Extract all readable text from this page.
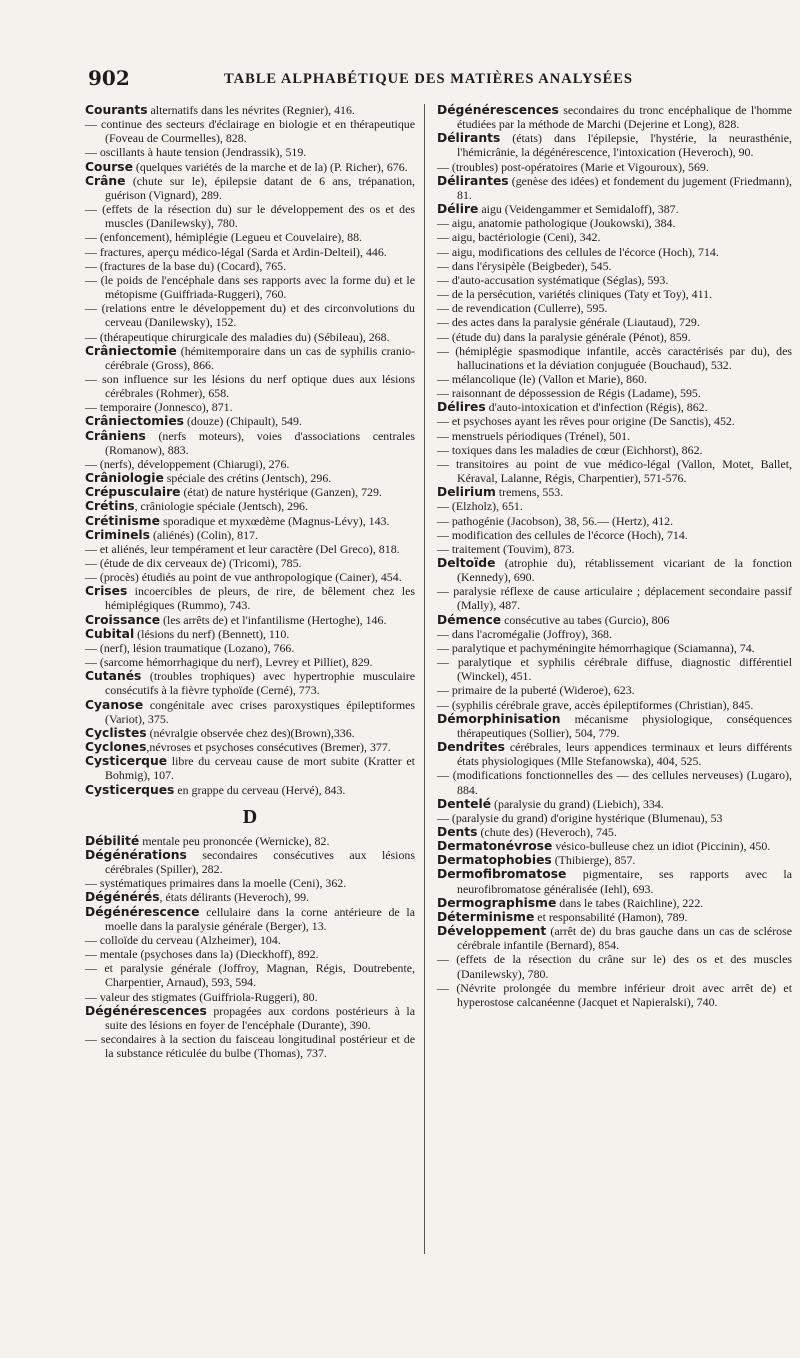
902	TABLE ALPHABÉTIQUE DES MATIÈRES ANALYSÉES

Courants alternatifs dans les névrites (Regnier), 416.

— continue des secteurs d'éclairage en biologie et en thérapeutique (Foveau de Courmelles), 828.

— oscillants à haute tension (Jendrassik), 519.

Course (quelques variétés de la marche et de la) (P. Richer), 676.

Crâne (chute sur le), épilepsie datant de 6 ans, trépanation, guérison (Vignard), 289.

— (effets de la résection du) sur le développement des os et des muscles (Danilewsky), 780.

— (enfoncement), hémiplégie (Legueu et Couvelaire), 88.

— fractures, aperçu médico-légal (Sarda et Ardin-Delteil), 446.

— (fractures de la base du) (Cocard), 765.

— (le poids de l'encéphale dans ses rapports avec la forme du) et le métopisme (Guiffriada-Ruggeri), 760.

— (relations entre le développement du) et des circonvolutions du cerveau (Danilewsky), 152.

— (thérapeutique chirurgicale des maladies du) (Sébileau), 268.

Crâniectomie (hémitemporaire dans un cas de syphilis cranio-cérébrale (Gross), 866.

— son influence sur les lésions du nerf optique dues aux lésions cérébrales (Rohmer), 658.

— temporaire (Jonnesco), 871.

Crâniectomies (douze) (Chipault), 549.

Crâniens (nerfs moteurs), voies d'associations centrales (Romanow), 883.

— (nerfs), développement (Chiarugi), 276.

Crâniologie spéciale des crétins (Jentsch), 296.

Crépusculaire (état) de nature hystérique (Ganzen), 729.

Crétins, crâniologie spéciale (Jentsch), 296.

Crétinisme sporadique et myxœdème (Magnus-Lévy), 143.

Criminels (aliénés) (Colin), 817.

— et aliénés, leur tempérament et leur caractère (Del Greco), 818.

— (étude de dix cerveaux de) (Tricomi), 785.

— (procès) étudiés au point de vue anthropologique (Cainer), 454.

Crises incoercibles de pleurs, de rire, de bêlement chez les hémiplégiques (Rummo), 743.

Croissance (les arrêts de) et l'infantilisme (Hertoghe), 146.

Cubital (lésions du nerf) (Bennett), 110.

— (nerf), lésion traumatique (Lozano), 766.

— (sarcome hémorrhagique du nerf), Levrey et Pilliet), 829.

Cutanés (troubles trophiques) avec hypertrophie musculaire consécutifs à la fièvre typhoïde (Cerné), 773.

Cyanose congénitale avec crises paroxystiques épileptiformes (Variot), 375.

Cyclistes (névralgie observée chez des)(Brown),336.

Cyclones,névroses et psychoses consécutives (Bremer), 377.

Cysticerque libre du cerveau cause de mort subite (Kratter et Bohmig), 107.

Cysticerques en grappe du cerveau (Hervé), 843.

D

Débilité mentale peu prononcée (Wernicke), 82.

Dégénérations secondaires consécutives aux lésions cérébrales (Spiller), 282.

— systématiques primaires dans la moelle (Ceni), 362.

Dégénérés, états délirants (Heveroch), 99.

Dégénérescence cellulaire dans la corne antérieure de la moelle dans la paralysie générale (Berger), 13.

— colloïde du cerveau (Alzheimer), 104.

— mentale (psychoses dans la) (Dieckhoff), 892.

— et paralysie générale (Joffroy, Magnan, Régis, Doutrebente, Charpentier, Arnaud), 593, 594.

— valeur des stigmates (Guiffriola-Ruggeri), 80.

Dégénérescences propagées aux cordons postérieurs à la suite des lésions en foyer de l'encéphale (Durante), 390.

— secondaires à la section du faisceau longitudinal postérieur et de la substance réticulée du bulbe (Thomas), 737.

Dégénérescences secondaires du tronc encéphalique de l'homme étudiées par la méthode de Marchi (Dejerine et Long), 828.

Délirants (états) dans l'épilepsie, l'hystérie, la neurasthénie, l'hémicrânie, la dégénérescence, l'intoxication (Heveroch), 90.

— (troubles) post-opératoires (Marie et Vigouroux), 569.

Délirantes (genèse des idées) et fondement du jugement (Friedmann), 81.

Délire aigu (Veidengammer et Semidaloff), 387.

— aigu, anatomie pathologique (Joukowski), 384.

— aigu, bactériologie (Ceni), 342.

— aigu, modifications des cellules de l'écorce (Hoch), 714.

— dans l'érysipèle (Beigbeder), 545.

— d'auto-accusation systématique (Séglas), 593.

— de la persécution, variétés cliniques (Taty et Toy), 411.

— de revendication (Cullerre), 595.

— des actes dans la paralysie générale (Liautaud), 729.

— (étude du) dans la paralysie générale (Pénot), 859.

— (hémiplégie spasmodique infantile, accès caractérisés par du), des hallucinations et la déviation conjuguée (Bouchaud), 532.

— mélancolique (le) (Vallon et Marie), 860.

— raisonnant de dépossession de Régis (Ladame), 595.

Délires d'auto-intoxication et d'infection (Régis), 862.

— et psychoses ayant les rêves pour origine (De Sanctis), 452.

— menstruels périodiques (Trénel), 501.

— toxiques dans les maladies de cœur (Eichhorst), 862.

— transitoires au point de vue médico-légal (Vallon, Motet, Ballet, Kéraval, Lalanne, Régis, Charpentier), 571-576.

Delirium tremens, 553.

— (Elzholz), 651.

— pathogénie (Jacobson), 38, 56.— (Hertz), 412.

— modification des cellules de l'écorce (Hoch), 714.

— traitement (Touvim), 873.

Deltoïde (atrophie du), rétablissement vicariant de la fonction (Kennedy), 690.

— paralysie réflexe de cause articulaire ; déplacement secondaire passif (Mally), 487.

Démence consécutive au tabes (Gurcio), 806

— dans l'acromégalie (Joffroy), 368.

— paralytique et pachyméningite hémorrhagique (Sciamanna), 74.

— paralytique et syphilis cérébrale diffuse, diagnostic différentiel (Winckel), 451.

— primaire de la puberté (Wideroe), 623.

— (syphilis cérébrale grave, accès épileptiformes (Christian), 845.

Démorphinisation mécanisme physiologique, conséquences thérapeutiques (Sollier), 504, 779.

Dendrites cérébrales, leurs appendices terminaux et leurs différents états physiologiques (Mlle Stefanowska), 404, 525.

— (modifications fonctionnelles des — des cellules nerveuses) (Lugaro), 884.

Dentelé (paralysie du grand) (Liebich), 334.

— (paralysie du grand) d'origine hystérique (Blumenau), 53

Dents (chute des) (Heveroch), 745.

Dermatonévrose vésico-bulleuse chez un idiot (Piccinin), 450.

Dermatophobies (Thibierge), 857.

Dermofibromatose pigmentaire, ses rapports avec la neurofibromatose généralisée (Iehl), 693.

Dermographisme dans le tabes (Raichline), 222.

Déterminisme et responsabilité (Hamon), 789.

Développement (arrêt de) du bras gauche dans un cas de sclérose cérébrale infantile (Bernard), 854.

— (effets de la résection du crâne sur le) des os et des muscles (Danilewsky), 780.

— (Névrite prolongée du membre inférieur droit avec arrêt de) et hyperostose calcanéenne (Jacquet et Napieralski), 740.
